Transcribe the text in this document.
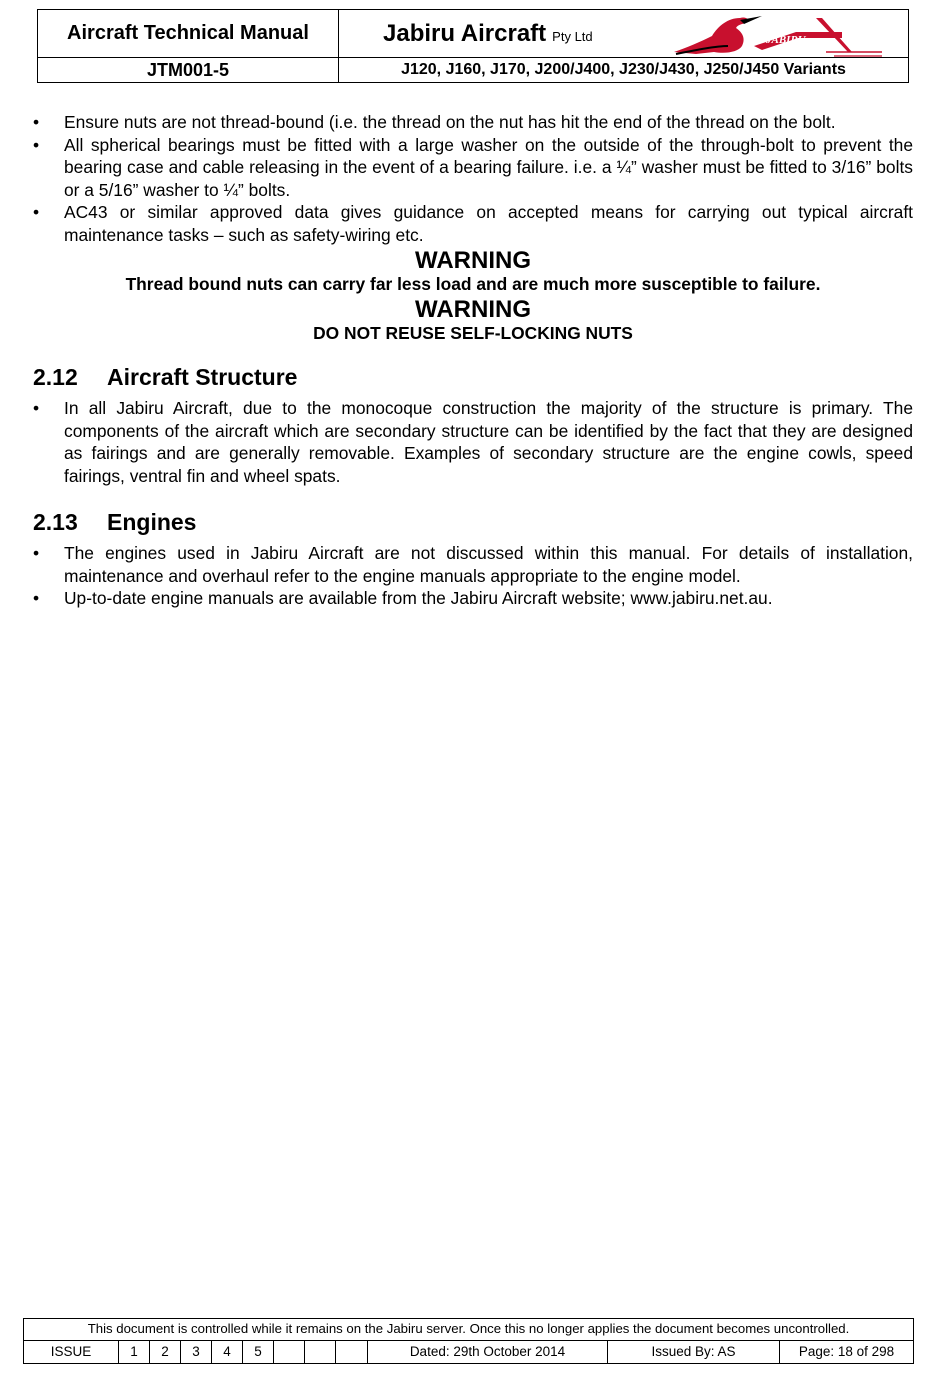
Aircraft Technical Manual	Jabiru Aircraft Pty Ltd
JTM001-5	J120, J160, J170, J200/J400, J230/J430, J250/J450 Variants
JABIRU
• Ensure nuts are not thread-bound (i.e. the thread on the nut has hit the end of the thread on the bolt.
• All spherical bearings must be fitted with a large washer on the outside of the through-bolt to prevent the bearing case and cable releasing in the event of a bearing failure. i.e. a ¼” washer must be fitted to 3/16” bolts or a 5/16” washer to ¼” bolts.
• AC43 or similar approved data gives guidance on accepted means for carrying out typical aircraft maintenance tasks – such as safety-wiring etc.
WARNING
Thread bound nuts can carry far less load and are much more susceptible to failure.
WARNING
DO NOT REUSE SELF-LOCKING NUTS
2.12 Aircraft Structure
• In all Jabiru Aircraft, due to the monocoque construction the majority of the structure is primary. The components of the aircraft which are secondary structure can be identified by the fact that they are designed as fairings and are generally removable. Examples of secondary structure are the engine cowls, speed fairings, ventral fin and wheel spats.
2.13 Engines
• The engines used in Jabiru Aircraft are not discussed within this manual. For details of installation, maintenance and overhaul refer to the engine manuals appropriate to the engine model.
• Up-to-date engine manuals are available from the Jabiru Aircraft website; www.jabiru.net.au.
This document is controlled while it remains on the Jabiru server. Once this no longer applies the document becomes uncontrolled.
ISSUE	1	2	3	4	5	Dated: 29th October 2014	Issued By: AS	Page: 18 of 298
